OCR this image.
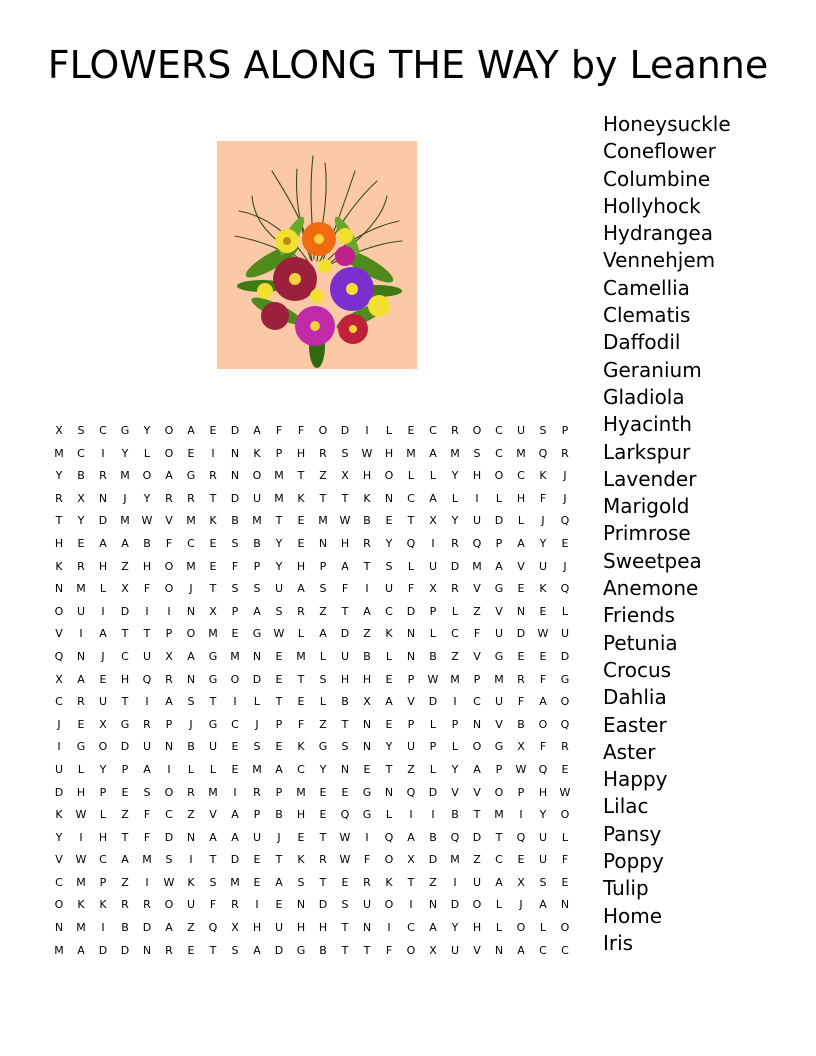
FLOWERS ALONG THE WAY by Leanne
X	S	C	G	Y	O	A	E	D	A	F	F	O	D	I	L	E	C	R	O	C	U	S	P
M	C	I	Y	L	O	E	I	N	K	P	H	R	S	W	H	M	A	M	S	C	M	Q	R
Y	B	R	M	O	A	G	R	N	O	M	T	Z	X	H	O	L	L	Y	H	O	C	K	J
R	X	N	J	Y	R	R	T	D	U	M	K	T	T	K	N	C	A	L	I	L	H	F	J
T	Y	D	M	W	V	M	K	B	M	T	E	M	W	B	E	T	X	Y	U	D	L	J	Q
H	E	A	A	B	F	C	E	S	B	Y	E	N	H	R	Y	Q	I	R	Q	P	A	Y	E
K	R	H	Z	H	O	M	E	F	P	Y	H	P	A	T	S	L	U	D	M	A	V	U	J
N	M	L	X	F	O	J	T	S	S	U	A	S	F	I	U	F	X	R	V	G	E	K	Q
O	U	I	D	I	I	N	X	P	A	S	R	Z	T	A	C	D	P	L	Z	V	N	E	L
V	I	A	T	T	P	O	M	E	G	W	L	A	D	Z	K	N	L	C	F	U	D	W	U
Q	N	J	C	U	X	A	G	M	N	E	M	L	U	B	L	N	B	Z	V	G	E	E	D
X	A	E	H	Q	R	N	G	O	D	E	T	S	H	H	E	P	W	M	P	M	R	F	G
C	R	U	T	I	A	S	T	I	L	T	E	L	B	X	A	V	D	I	C	U	F	A	O
J	E	X	G	R	P	J	G	C	J	P	F	Z	T	N	E	P	L	P	N	V	B	O	Q
I	G	O	D	U	N	B	U	E	S	E	K	G	S	N	Y	U	P	L	O	G	X	F	R
U	L	Y	P	A	I	L	L	E	M	A	C	Y	N	E	T	Z	L	Y	A	P	W	Q	E
D	H	P	E	S	O	R	M	I	R	P	M	E	E	G	N	Q	D	V	V	O	P	H	W
K	W	L	Z	F	C	Z	V	A	P	B	H	E	Q	G	L	I	I	B	T	M	I	Y	O
Y	I	H	T	F	D	N	A	A	U	J	E	T	W	I	Q	A	B	Q	D	T	Q	U	L
V	W	C	A	M	S	I	T	D	E	T	K	R	W	F	O	X	D	M	Z	C	E	U	F
C	M	P	Z	I	W	K	S	M	E	A	S	T	E	R	K	T	Z	I	U	A	X	S	E
O	K	K	R	R	O	U	F	R	I	E	N	D	S	U	O	I	N	D	O	L	J	A	N
N	M	I	B	D	A	Z	Q	X	H	U	H	H	T	N	I	C	A	Y	H	L	O	L	O
M	A	D	D	N	R	E	T	S	A	D	G	B	T	T	F	O	X	U	V	N	A	C	C
Honeysuckle
Coneflower
Columbine
Hollyhock
Hydrangea
Vennehjem
Camellia
Clematis
Daffodil
Geranium
Gladiola
Hyacinth
Larkspur
Lavender
Marigold
Primrose
Sweetpea
Anemone
Friends
Petunia
Crocus
Dahlia
Easter
Aster
Happy
Lilac
Pansy
Poppy
Tulip
Home
Iris
